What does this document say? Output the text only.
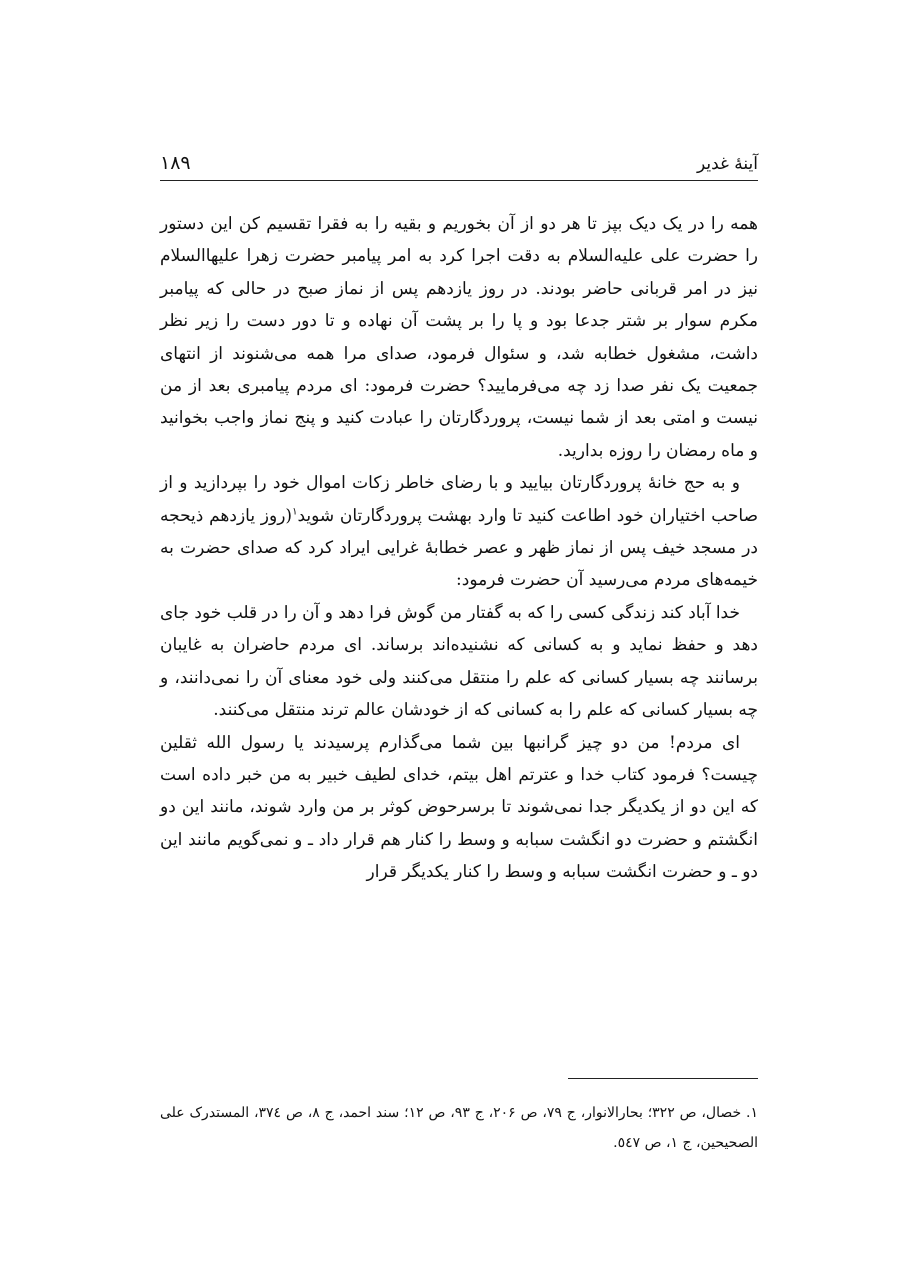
آینهٔ غدیر
۱۸۹

همه را در یک دیک بپز تا هر دو از آن بخوریم و بقیه را به فقرا تقسیم کن این دستور را حضرت علی علیه‌السلام به دقت اجرا کرد به امر پیامبر حضرت زهرا علیها‌السلام نیز در امر قربانی حاضر بودند. در روز یازدهم پس از نماز صبح در حالی که پیامبر مکرم سوار بر شتر جدعا بود و پا را بر پشت آن نهاده و تا دور دست را زیر نظر داشت، مشغول خطابه شد، و سئوال فرمود، صدای مرا همه می‌شنوند از انتهای جمعیت یک نفر صدا زد چه می‌فرمایید؟ حضرت فرمود: ای مردم پیامبری بعد از من نیست و امتی بعد از شما نیست، پروردگارتان را عبادت کنید و پنج نماز واجب بخوانید و ماه رمضان را روزه بدارید.

و به حج خانهٔ پروردگارتان بیایید و با رضای خاطر زکات اموال خود را بپردازید و از صاحب اختیاران خود اطاعت کنید تا وارد بهشت پروردگارتان شوید$^۱$(روز یازدهم ذیحجه در مسجد خیف پس از نماز ظهر و عصر خطابهٔ غرایی ایراد کرد که صدای حضرت به خیمه‌های مردم می‌رسید آن حضرت فرمود:

خدا آباد کند زندگی کسی را که به گفتار من گوش فرا دهد و آن را در قلب خود جای دهد و حفظ نماید و به کسانی که نشنیده‌اند برساند. ای مردم حاضران به غایبان برسانند چه بسیار کسانی که علم را منتقل می‌کنند ولی خود معنای آن را نمی‌دانند، و چه بسیار کسانی که علم را به کسانی که از خودشان عالم ترند منتقل می‌کنند.

ای مردم! من دو چیز گرانبها بین شما می‌گذارم پرسیدند یا رسول الله ثقلین چیست؟ فرمود کتاب خدا و عترتم اهل بیتم، خدای لطیف خبیر به من خبر داده است که این دو از یکدیگر جدا نمی‌شوند تا برسرحوض کوثر بر من وارد شوند، مانند این دو انگشتم و حضرت دو انگشت سبابه و وسط را کنار هم قرار داد ـ و نمی‌گویم مانند این دو ـ و حضرت انگشت سبابه و وسط را کنار یکدیگر قرار

۱. خصال، ص ۳۲۲؛ بحارالانوار، ج ۷۹، ص ۲۰۶، ج ۹۳، ص ۱۲؛ سند احمد، ج ۸، ص ۳۷٤، المستدرک علی الصحیحین، ج ۱، ص ٥٤٧.
